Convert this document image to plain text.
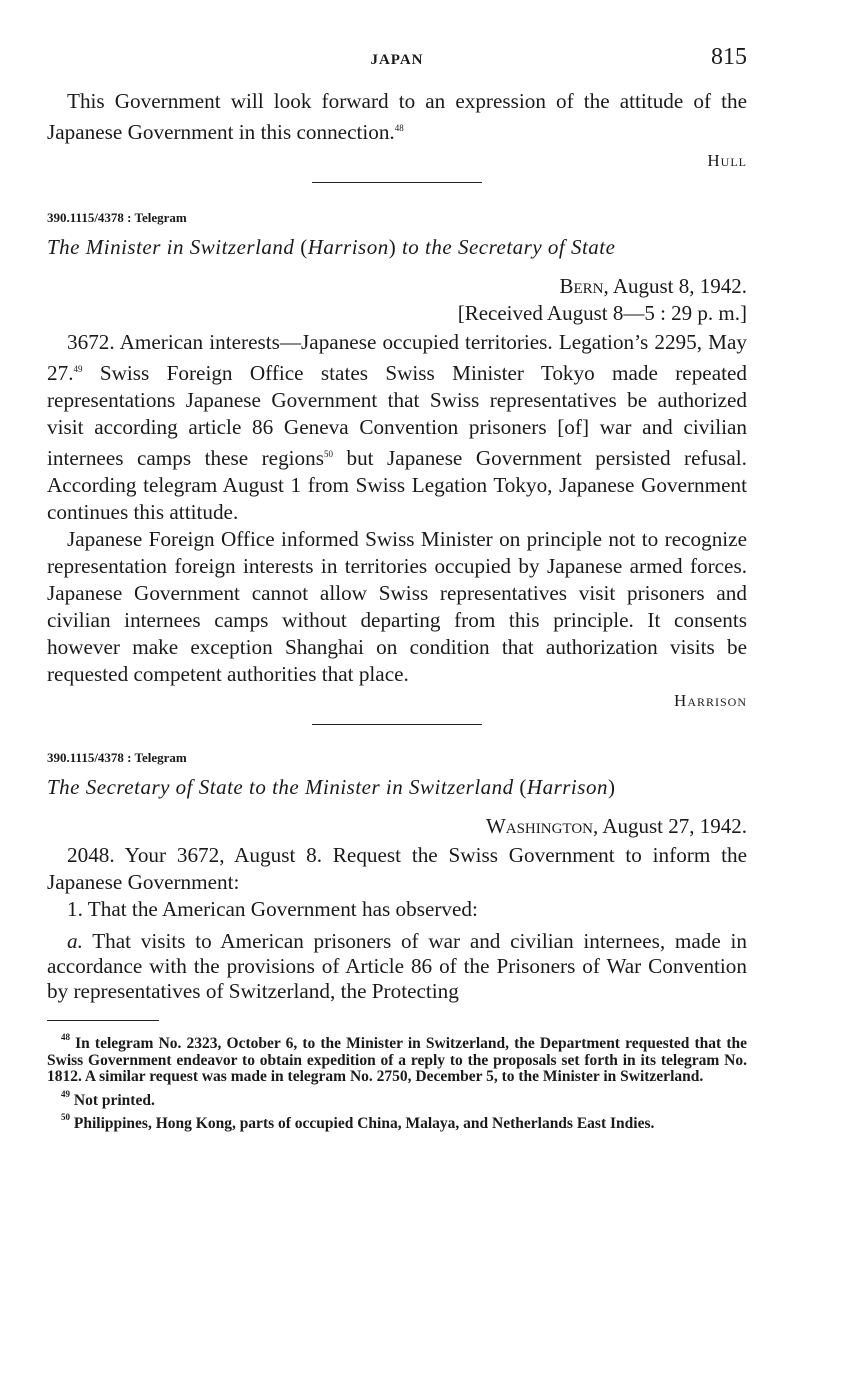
JAPAN	815

This Government will look forward to an expression of the attitude of the Japanese Government in this connection.$^{48}$

Hull
390.1115/4378 : Telegram
The Minister in Switzerland (Harrison) to the Secretary of State
Bern, August 8, 1942.
[Received August 8—5 : 29 p. m.]

3672. American interests—Japanese occupied territories. Legation’s 2295, May 27.49 Swiss Foreign Office states Swiss Minister Tokyo made repeated representations Japanese Government that Swiss representatives be authorized visit according article 86 Geneva Convention prisoners [of] war and civilian internees camps these regions$^{50}$ but Japanese Government persisted refusal. According telegram August 1 from Swiss Legation Tokyo, Japanese Government continues this attitude.

Japanese Foreign Office informed Swiss Minister on principle not to recognize representation foreign interests in territories occupied by Japanese armed forces. Japanese Government cannot allow Swiss representatives visit prisoners and civilian internees camps without departing from this principle. It consents however make exception Shanghai on condition that authorization visits be requested competent authorities that place.

Harrison
390.1115/4378 : Telegram
The Secretary of State to the Minister in Switzerland (Harrison)
Washington, August 27, 1942.

2048. Your 3672, August 8. Request the Swiss Government to inform the Japanese Government:

1. That the American Government has observed:

a. That visits to American prisoners of war and civilian internees, made in accordance with the provisions of Article 86 of the Prisoners of War Convention by representatives of Switzerland, the Protecting

$^{48}$ In telegram No. 2323, October 6, to the Minister in Switzerland, the Department requested that the Swiss Government endeavor to obtain expedition of a reply to the proposals set forth in its telegram No. 1812. A similar request was made in telegram No. 2750, December 5, to the Minister in Switzerland.

$^{49}$ Not printed.

$^{50}$ Philippines, Hong Kong, parts of occupied China, Malaya, and Netherlands East Indies.
